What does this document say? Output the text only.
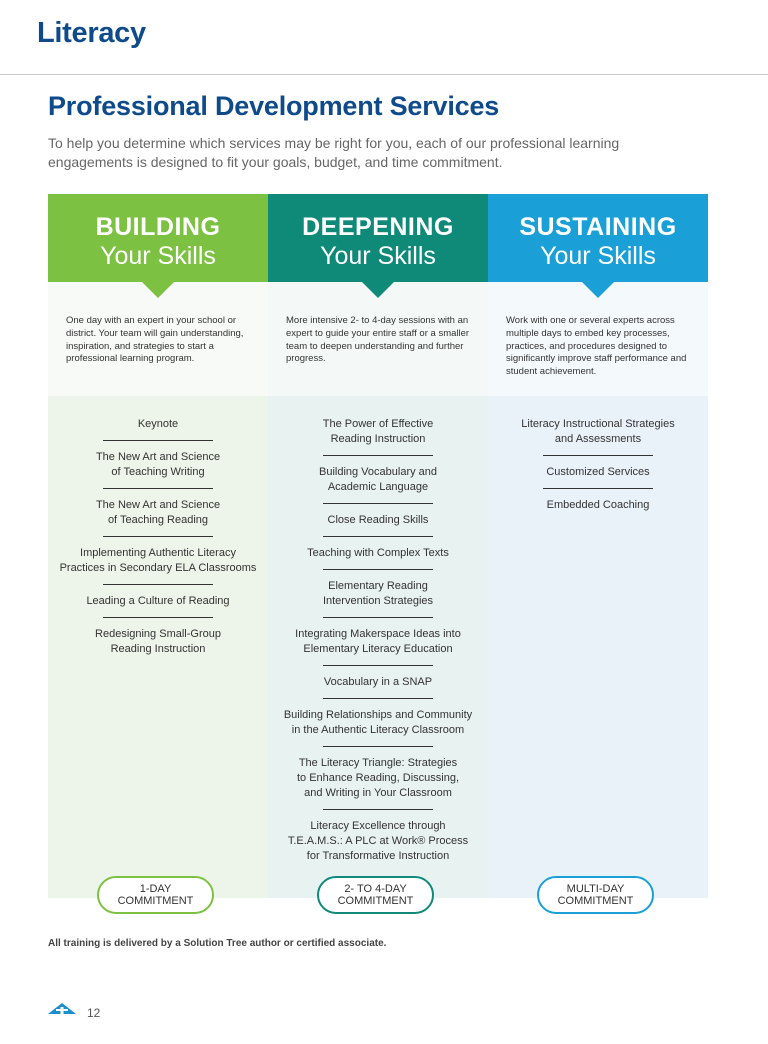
Literacy
Professional Development Services
To help you determine which services may be right for you, each of our professional learning engagements is designed to fit your goals, budget, and time commitment.
BUILDING
Your Skills
One day with an expert in your school or district. Your team will gain understanding, inspiration, and strategies to start a professional learning program.
Keynote
The New Art and Science
of Teaching Writing
The New Art and Science
of Teaching Reading
Implementing Authentic Literacy
Practices in Secondary ELA Classrooms
Leading a Culture of Reading
Redesigning Small-Group
Reading Instruction
1-DAY
COMMITMENT
DEEPENING
Your Skills
More intensive 2- to 4-day sessions with an expert to guide your entire staff or a smaller team to deepen understanding and further progress.
The Power of Effective
Reading Instruction
Building Vocabulary and
Academic Language
Close Reading Skills
Teaching with Complex Texts
Elementary Reading
Intervention Strategies
Integrating Makerspace Ideas into
Elementary Literacy Education
Vocabulary in a SNAP
Building Relationships and Community
in the Authentic Literacy Classroom
The Literacy Triangle: Strategies
to Enhance Reading, Discussing,
and Writing in Your Classroom
Literacy Excellence through
T.E.A.M.S.: A PLC at Work® Process
for Transformative Instruction
2- TO 4-DAY
COMMITMENT
SUSTAINING
Your Skills
Work with one or several experts across multiple days to embed key processes, practices, and procedures designed to significantly improve staff performance and student achievement.
Literacy Instructional Strategies
and Assessments
Customized Services
Embedded Coaching
MULTI-DAY
COMMITMENT
All training is delivered by a Solution Tree author or certified associate.
12
